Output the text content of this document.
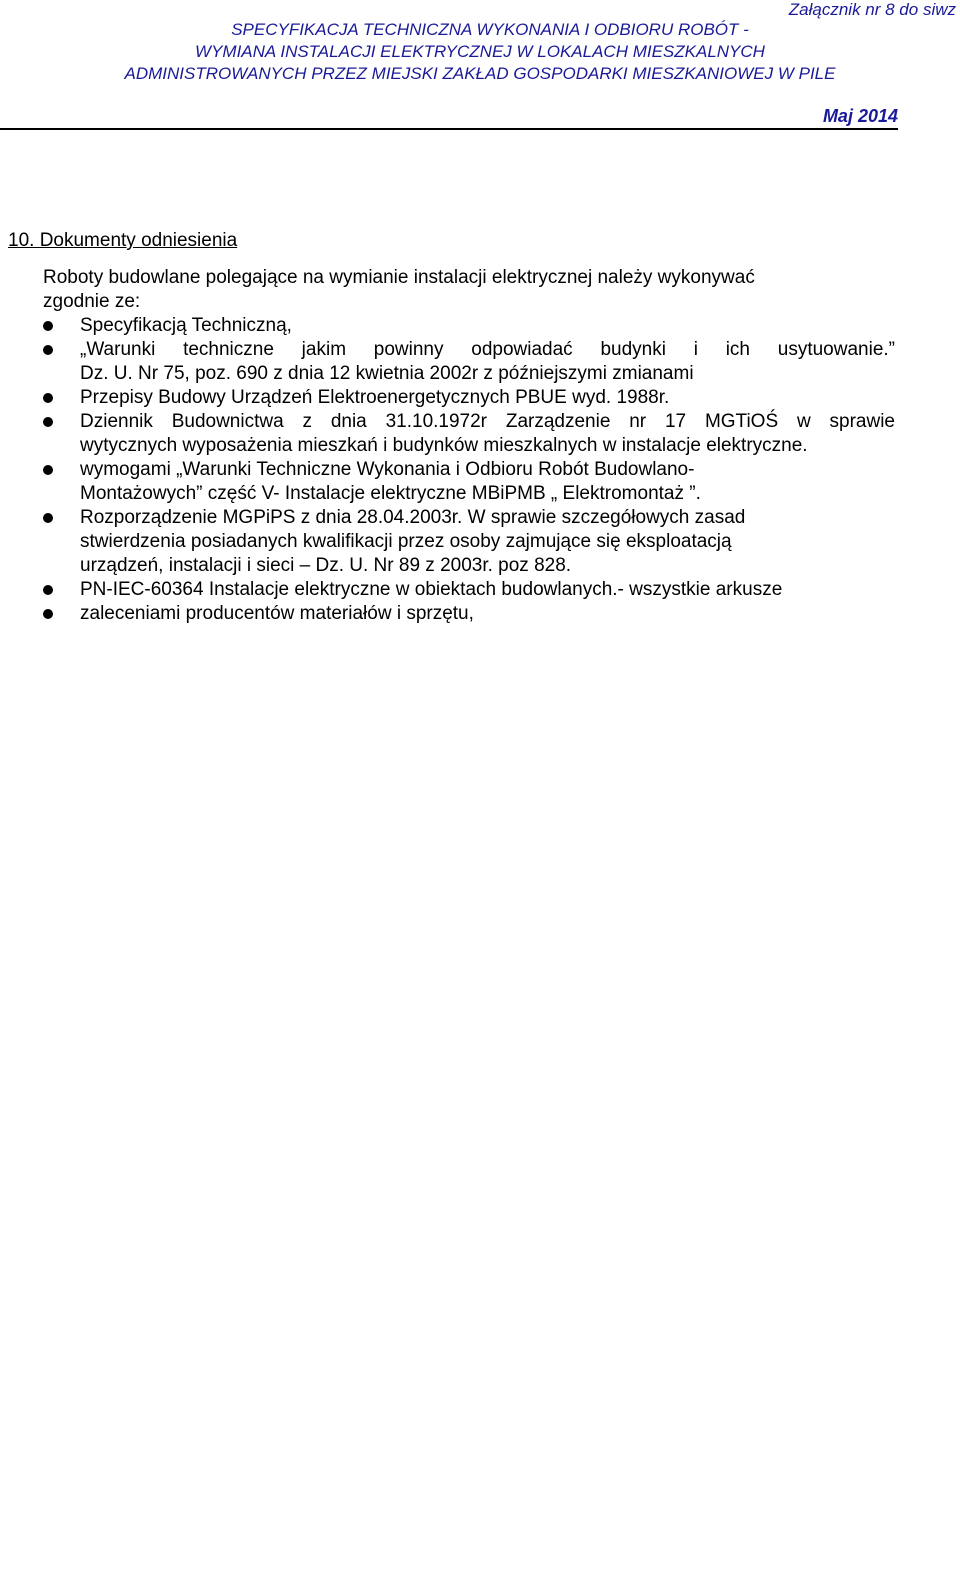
Załącznik nr 8 do siwz
SPECYFIKACJA TECHNICZNA WYKONANIA I ODBIORU ROBÓT -
WYMIANA INSTALACJI ELEKTRYCZNEJ W LOKALACH MIESZKALNYCH
ADMINISTROWANYCH PRZEZ MIEJSKI ZAKŁAD GOSPODARKI MIESZKANIOWEJ W PILE
Maj 2014
10. Dokumenty odniesienia
Roboty budowlane polegające na wymianie instalacji elektrycznej należy wykonywać
zgodnie ze:
Specyfikacją Techniczną,
„Warunki techniczne jakim powinny odpowiadać budynki i ich usytuowanie.”
Dz. U. Nr 75, poz. 690 z dnia 12 kwietnia 2002r z późniejszymi zmianami
Przepisy Budowy Urządzeń Elektroenergetycznych PBUE wyd. 1988r.
Dziennik Budownictwa z dnia 31.10.1972r Zarządzenie nr 17 MGTiOŚ w sprawie
wytycznych wyposażenia mieszkań i budynków mieszkalnych w instalacje elektryczne.
wymogami „Warunki Techniczne Wykonania i Odbioru Robót Budowlano-
Montażowych” część V- Instalacje elektryczne MBiPMB „ Elektromontaż ”.
Rozporządzenie MGPiPS z dnia 28.04.2003r. W sprawie szczegółowych zasad
stwierdzenia posiadanych kwalifikacji przez osoby zajmujące się eksploatacją
urządzeń, instalacji i sieci – Dz. U. Nr 89 z 2003r. poz 828.
PN-IEC-60364 Instalacje elektryczne w obiektach budowlanych.- wszystkie arkusze
zaleceniami producentów materiałów i sprzętu,
